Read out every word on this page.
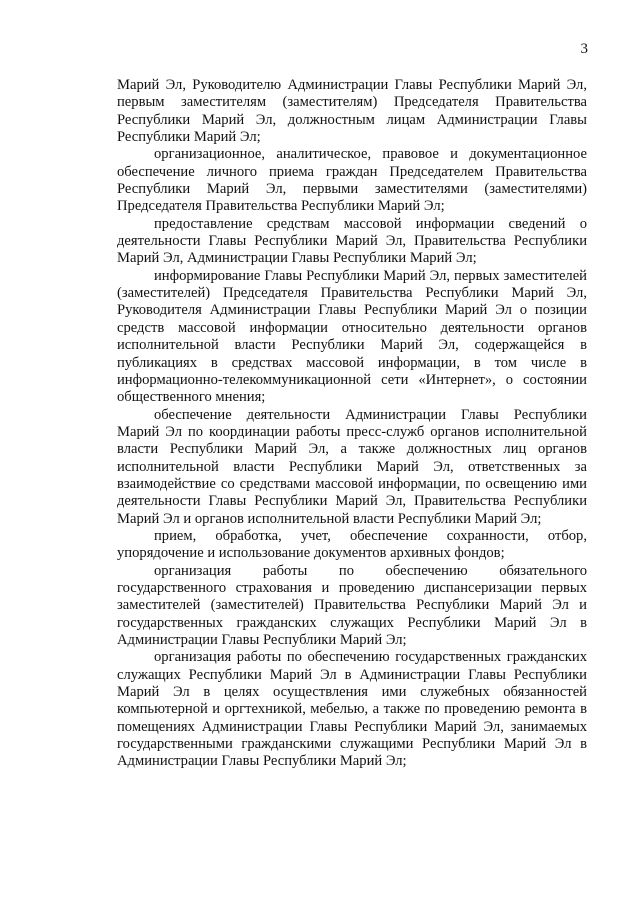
3

Марий Эл, Руководителю Администрации Главы Республики Марий Эл, первым заместителям (заместителям) Председателя Правительства Республики Марий Эл, должностным лицам Администрации Главы Республики Марий Эл;

организационное, аналитическое, правовое и документационное обеспечение личного приема граждан Председателем Правительства Республики Марий Эл, первыми заместителями (заместителями) Председателя Правительства Республики Марий Эл;

предоставление средствам массовой информации сведений о деятельности Главы Республики Марий Эл, Правительства Республики Марий Эл, Администрации Главы Республики Марий Эл;

информирование Главы Республики Марий Эл, первых заместителей (заместителей) Председателя Правительства Республики Марий Эл, Руководителя Администрации Главы Республики Марий Эл о позиции средств массовой информации относительно деятельности органов исполнительной власти Республики Марий Эл, содержащейся в публикациях в средствах массовой информации, в том числе в информационно-телекоммуникационной сети «Интернет», о состоянии общественного мнения;

обеспечение деятельности Администрации Главы Республики Марий Эл по координации работы пресс-служб органов исполнительной власти Республики Марий Эл, а также должностных лиц органов исполнительной власти Республики Марий Эл, ответственных за взаимодействие со средствами массовой информации, по освещению ими деятельности Главы Республики Марий Эл, Правительства Республики Марий Эл и органов исполнительной власти Республики Марий Эл;

прием, обработка, учет, обеспечение сохранности, отбор, упорядочение и использование документов архивных фондов;

организация работы по обеспечению обязательного государственного страхования и проведению диспансеризации первых заместителей (заместителей) Правительства Республики Марий Эл и государственных гражданских служащих Республики Марий Эл в Администрации Главы Республики Марий Эл;

организация работы по обеспечению государственных гражданских служащих Республики Марий Эл в Администрации Главы Республики Марий Эл в целях осуществления ими служебных обязанностей компьютерной и оргтехникой, мебелью, а также по проведению ремонта в помещениях Администрации Главы Республики Марий Эл, занимаемых государственными гражданскими служащими Республики Марий Эл в Администрации Главы Республики Марий Эл;
